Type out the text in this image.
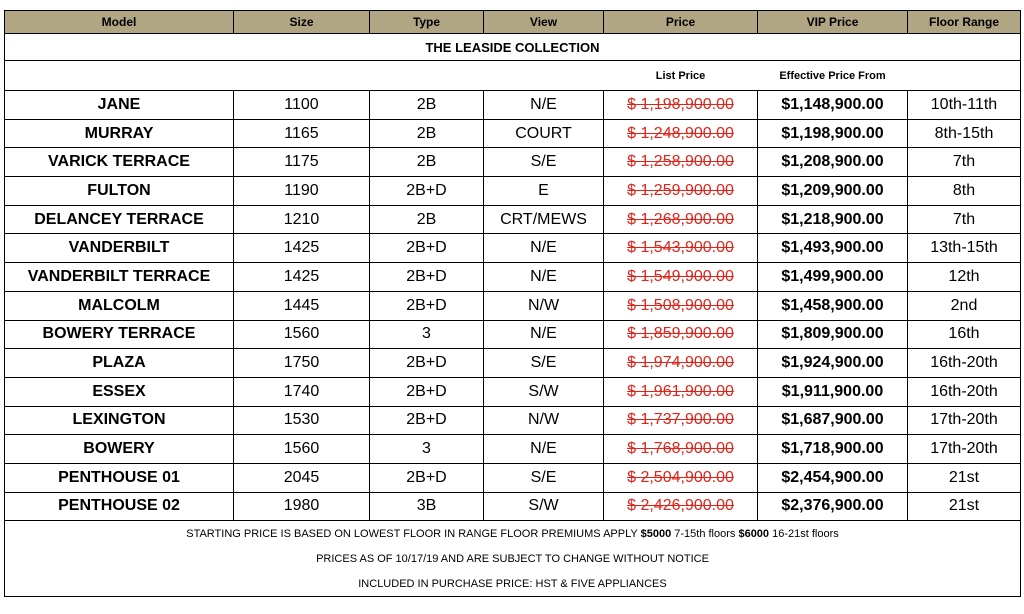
Model	Size	Type	View	Price	VIP Price	Floor Range
THE LEASIDE COLLECTION						
				List Price	Effective Price From	
JANE	1100	2B	N/E	$ 1,198,900.00	$1,148,900.00	10th-11th
MURRAY	1165	2B	COURT	$ 1,248,900.00	$1,198,900.00	8th-15th
VARICK TERRACE	1175	2B	S/E	$ 1,258,900.00	$1,208,900.00	7th
FULTON	1190	2B+D	E	$ 1,259,900.00	$1,209,900.00	8th
DELANCEY TERRACE	1210	2B	CRT/MEWS	$ 1,268,900.00	$1,218,900.00	7th
VANDERBILT	1425	2B+D	N/E	$ 1,543,900.00	$1,493,900.00	13th-15th
VANDERBILT TERRACE	1425	2B+D	N/E	$ 1,549,900.00	$1,499,900.00	12th
MALCOLM	1445	2B+D	N/W	$ 1,508,900.00	$1,458,900.00	2nd
BOWERY TERRACE	1560	3	N/E	$ 1,859,900.00	$1,809,900.00	16th
PLAZA	1750	2B+D	S/E	$ 1,974,900.00	$1,924,900.00	16th-20th
ESSEX	1740	2B+D	S/W	$ 1,961,900.00	$1,911,900.00	16th-20th
LEXINGTON	1530	2B+D	N/W	$ 1,737,900.00	$1,687,900.00	17th-20th
BOWERY	1560	3	N/E	$ 1,768,900.00	$1,718,900.00	17th-20th
PENTHOUSE 01	2045	2B+D	S/E	$ 2,504,900.00	$2,454,900.00	21st
PENTHOUSE 02	1980	3B	S/W	$ 2,426,900.00	$2,376,900.00	21st
STARTING PRICE IS BASED ON LOWEST FLOOR IN RANGE FLOOR PREMIUMS APPLY $5000 7-15th floors $6000 16-21st floors						
PRICES AS OF 10/17/19 AND ARE SUBJECT TO CHANGE WITHOUT NOTICE						
INCLUDED IN PURCHASE PRICE: HST & FIVE APPLIANCES						
